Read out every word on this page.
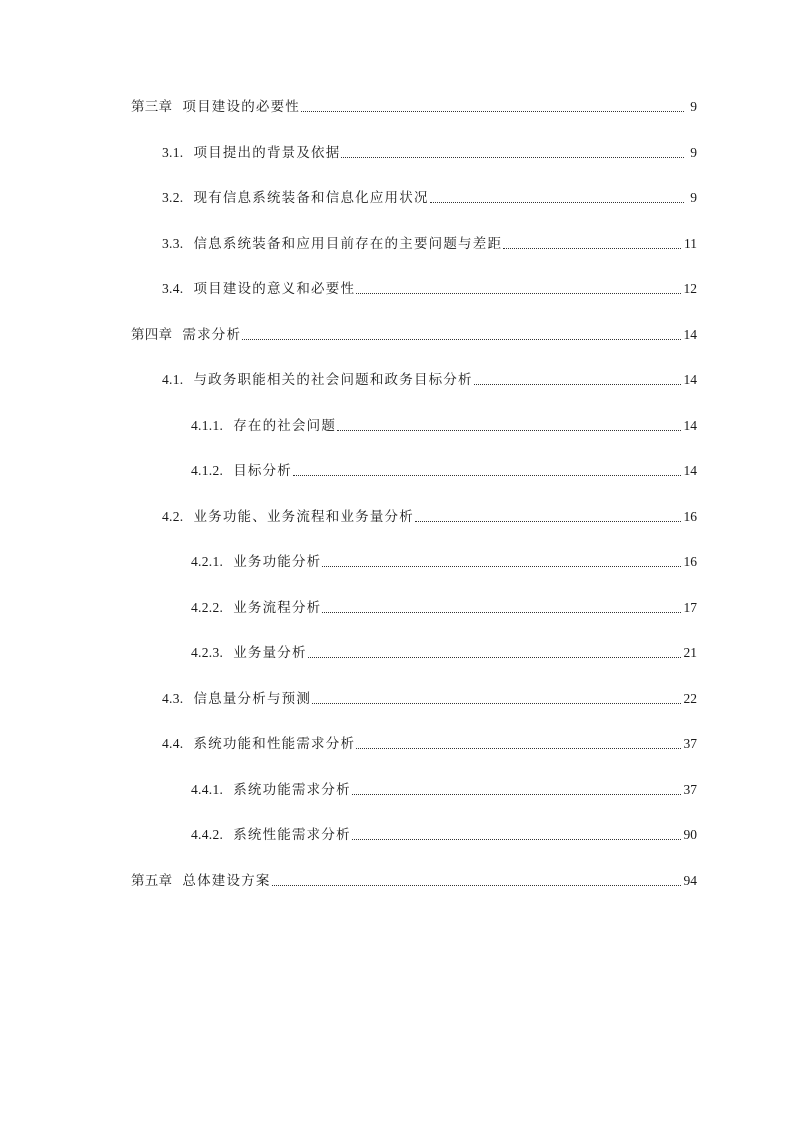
第三章 项目建设的必要性	9
3.1. 项目提出的背景及依据	9
3.2. 现有信息系统装备和信息化应用状况	9
3.3. 信息系统装备和应用目前存在的主要问题与差距	11
3.4. 项目建设的意义和必要性	12
第四章 需求分析	14
4.1. 与政务职能相关的社会问题和政务目标分析	14
4.1.1. 存在的社会问题	14
4.1.2. 目标分析	14
4.2. 业务功能、业务流程和业务量分析	16
4.2.1. 业务功能分析	16
4.2.2. 业务流程分析	17
4.2.3. 业务量分析	21
4.3. 信息量分析与预测	22
4.4. 系统功能和性能需求分析	37
4.4.1. 系统功能需求分析	37
4.4.2. 系统性能需求分析	90
第五章 总体建设方案	94
